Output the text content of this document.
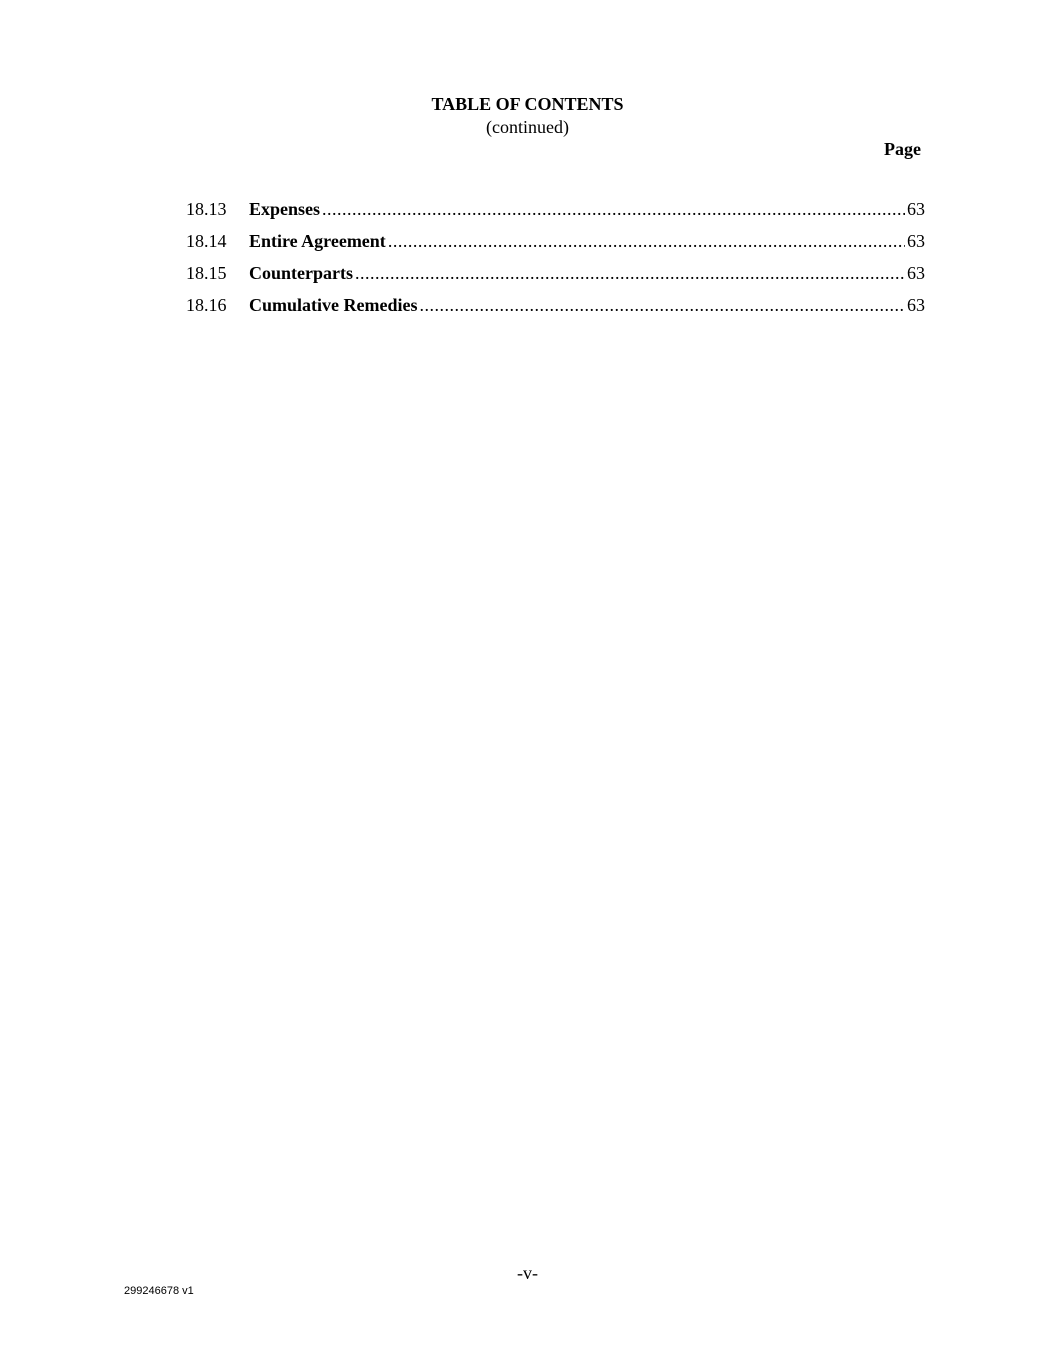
TABLE OF CONTENTS
(continued)
Page
18.13	Expenses .....	63
18.14	Entire Agreement .....	63
18.15	Counterparts .....	63
18.16	Cumulative Remedies .....	63
-v-
299246678 v1
